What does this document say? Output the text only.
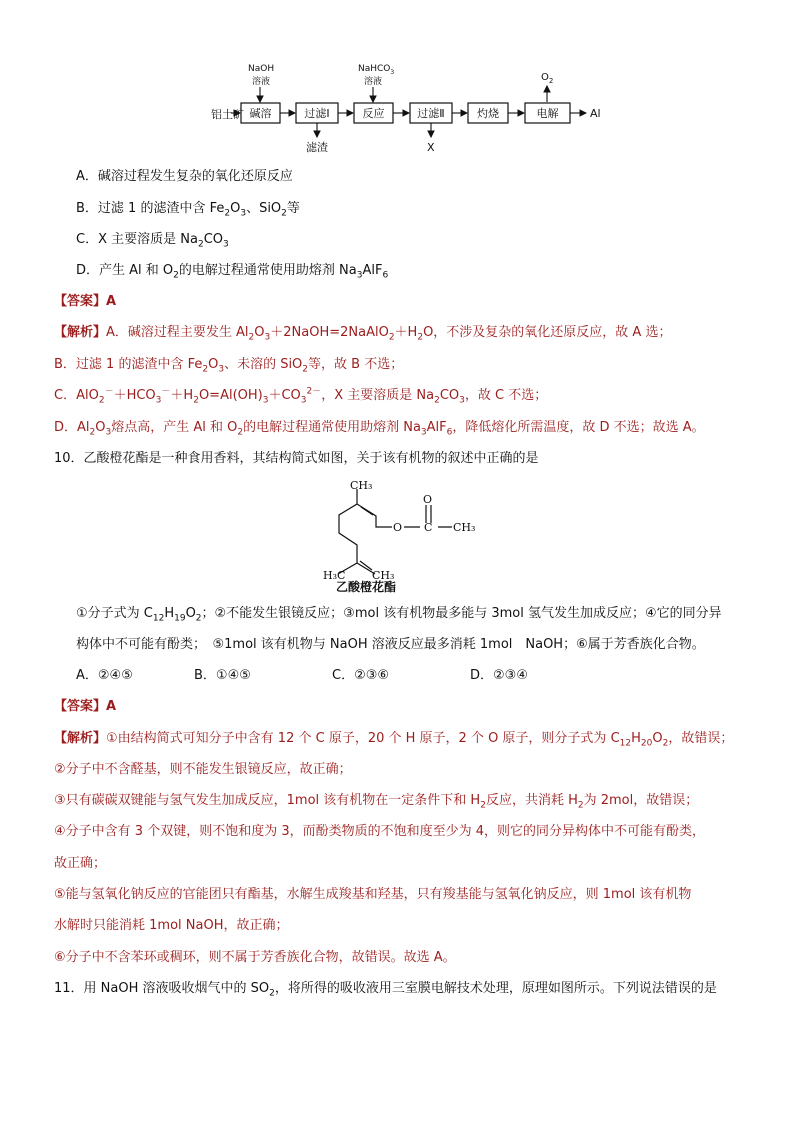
铝土矿
NaOH
溶液
NaHCO$_3$
溶液	$O_2$
碱溶	过滤Ⅰ	反应	过滤Ⅱ	灼烧	电解
滤渣	X
Al
A．碱溶过程发生复杂的氧化还原反应
B．过滤 1 的滤渣中含 $Fe_2O_3$、SiO$_2$等
C．X 主要溶质是 $Na_2CO_3$
D．产生 Al 和 $O_2$的电解过程通常使用助熔剂 $Na_3AlF_6$
【答案】A
【解析】A．碱溶过程主要发生 $Al_2O_3+2NaOH=2NaAlO_2+H_2O$，不涉及复杂的氧化还原反应，故 A 选；
B．过滤 1 的滤渣中含 $Fe_2O_3$、未溶的 SiO$_2$等，故 B 不选；
C．$AlO_2^-+HCO_3^-+H_2O=Al(OH)_3+CO_3^{2-}$，X 主要溶质是 $Na_2CO_3$，故 C 不选；
D．$Al_2O_3$熔点高，产生 Al 和 $O_2$的电解过程通常使用助熔剂 $Na_3AlF_6$，降低熔化所需温度，故 D 不选；故选 A。
10．乙酸橙花酯是一种食用香料，其结构简式如图，关于该有机物的叙述中正确的是
CH₃
O
O
C CH₃
H₃C CH₃
乙酸橙花酯
①分子式为 $C_{12}H_{19}O_2$；②不能发生银镜反应；③mol 该有机物最多能与 3mol 氢气发生加成反应；④它的同分异
构体中不可能有酚类；　⑤1mol 该有机物与 NaOH 溶液反应最多消耗 1mol　NaOH；⑥属于芳香族化合物。
A．②④⑤	B．①④⑤	C．②③⑥	D．②③④
【答案】A
【解析】①由结构简式可知分子中含有 12 个 C 原子，20 个 H 原子，2 个 O 原子，则分子式为 $C_{12}H_{20}O_2$，故错误；
②分子中不含醛基，则不能发生银镜反应，故正确；
③只有碳碳双键能与氢气发生加成反应，1mol 该有机物在一定条件下和 $H_2$反应，共消耗 $H_2$为 2mol，故错误；
④分子中含有 3 个双键，则不饱和度为 3，而酚类物质的不饱和度至少为 4，则它的同分异构体中不可能有酚类，
故正确；
⑤能与氢氧化钠反应的官能团只有酯基，水解生成羧基和羟基，只有羧基能与氢氧化钠反应，则 1mol 该有机物
水解时只能消耗 1mol NaOH，故正确；
⑥分子中不含苯环或稠环，则不属于芳香族化合物，故错误。故选 A。
11．用 NaOH 溶液吸收烟气中的 $SO_2$，将所得的吸收液用三室膜电解技术处理，原理如图所示。下列说法错误的是
